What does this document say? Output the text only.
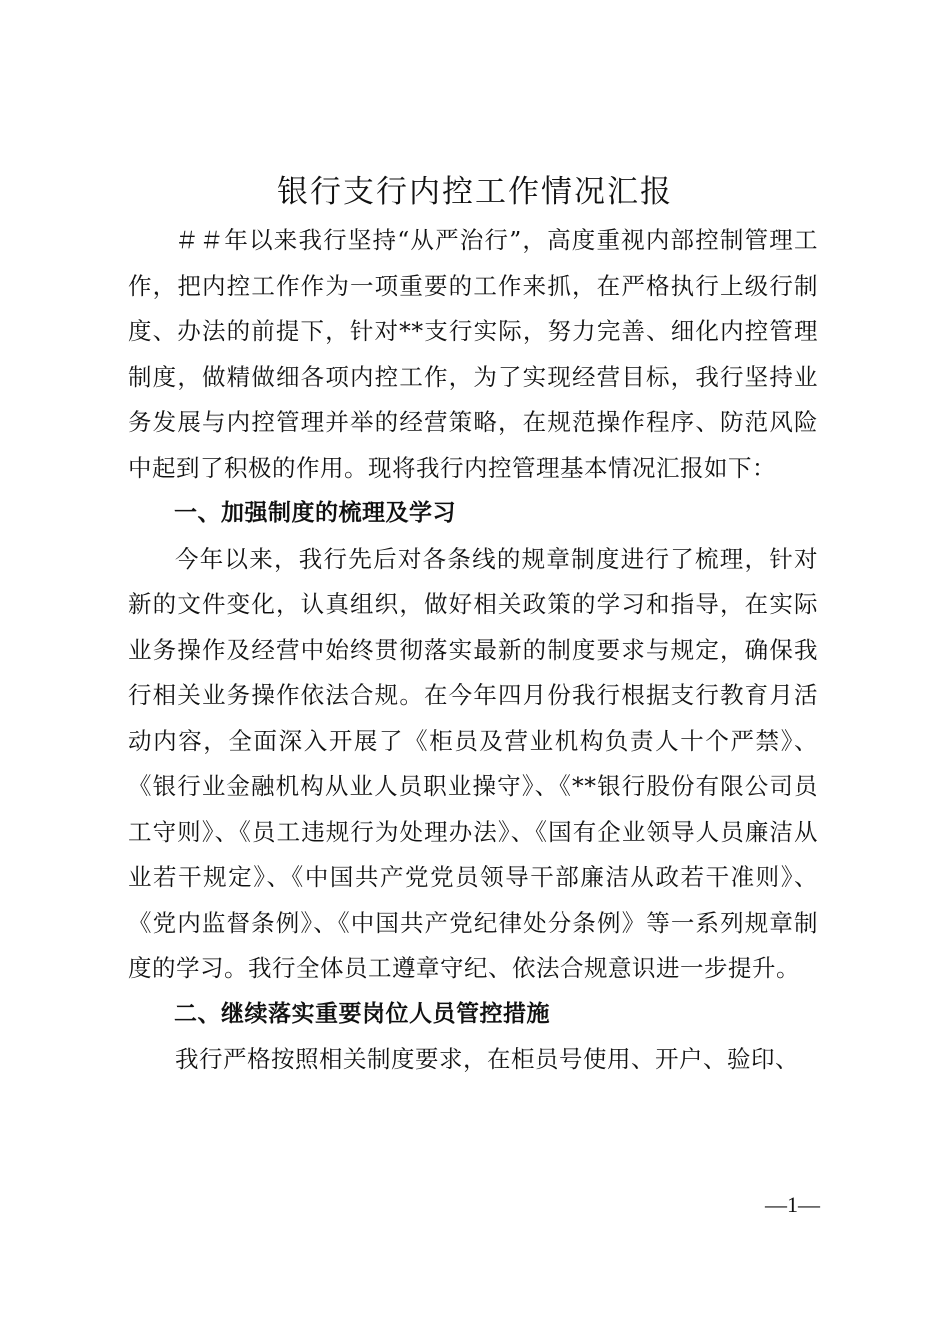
银行支行内控工作情况汇报

＃＃年以来我行坚持“从严治行”，高度重视内部控制管理工作，把内控工作作为一项重要的工作来抓，在严格执行上级行制度、办法的前提下，针对**支行实际，努力完善、细化内控管理制度，做精做细各项内控工作，为了实现经营目标，我行坚持业务发展与内控管理并举的经营策略，在规范操作程序、防范风险中起到了积极的作用。现将我行内控管理基本情况汇报如下：

一、加强制度的梳理及学习

今年以来，我行先后对各条线的规章制度进行了梳理，针对新的文件变化，认真组织，做好相关政策的学习和指导，在实际业务操作及经营中始终贯彻落实最新的制度要求与规定，确保我行相关业务操作依法合规。在今年四月份我行根据支行教育月活动内容，全面深入开展了《柜员及营业机构负责人十个严禁》、《银行业金融机构从业人员职业操守》、《**银行股份有限公司员工守则》、《员工违规行为处理办法》、《国有企业领导人员廉洁从业若干规定》、《中国共产党党员领导干部廉洁从政若干准则》、《党内监督条例》、《中国共产党纪律处分条例》等一系列规章制度的学习。我行全体员工遵章守纪、依法合规意识进一步提升。

二、继续落实重要岗位人员管控措施

我行严格按照相关制度要求，在柜员号使用、开户、验印、

—1—
